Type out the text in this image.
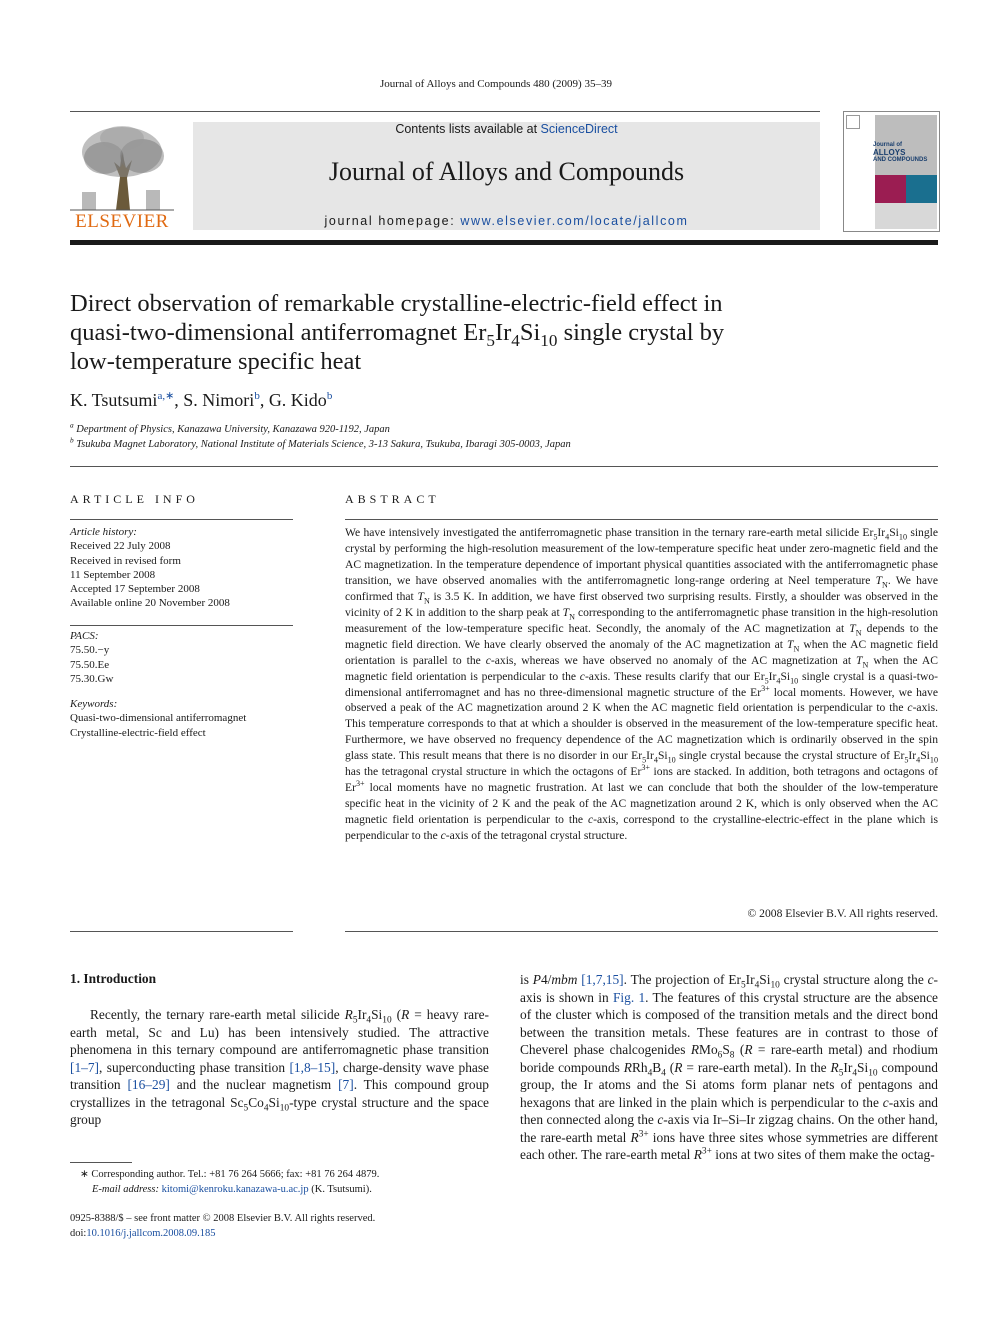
Journal of Alloys and Compounds 480 (2009) 35–39
ELSEVIER
Contents lists available at ScienceDirect
Journal of Alloys and Compounds
journal homepage: www.elsevier.com/locate/jallcom
Journal of
ALLOYS
AND COMPOUNDS
Direct observation of remarkable crystalline-electric-field effect in
quasi-two-dimensional antiferromagnet $Er_5Ir_4Si_{10}$ single crystal by
low-temperature specific heat
K. Tsutsumi$^{a,∗}$, S. Nimori$^b$, G. Kido$^b$
$^a$ Department of Physics, Kanazawa University, Kanazawa 920-1192, Japan
$^b$ Tsukuba Magnet Laboratory, National Institute of Materials Science, 3-13 Sakura, Tsukuba, Ibaragi 305-0003, Japan
ARTICLE INFO	ABSTRACT
Article history:
Received 22 July 2008
Received in revised form
11 September 2008
Accepted 17 September 2008
Available online 20 November 2008
PACS:
75.50.−y
75.50.Ee
75.30.Gw
Keywords:
Quasi-two-dimensional antiferromagnet
Crystalline-electric-field effect
We have intensively investigated the antiferromagnetic phase transition in the ternary rare-earth metal silicide $Er_5Ir_4Si_{10}$ single crystal by performing the high-resolution measurement of the low-temperature specific heat under zero-magnetic field and the AC magnetization. In the temperature dependence of important physical quantities associated with the antiferromagnetic phase transition, we have observed anomalies with the antiferromagnetic long-range ordering at Neel temperature $T_N$. We have confirmed that $T_N$ is 3.5 K. In addition, we have first observed two surprising results. Firstly, a shoulder was observed in the vicinity of 2 K in addition to the sharp peak at $T_N$ corresponding to the antiferromagnetic phase transition in the high-resolution measurement of the low-temperature specific heat. Secondly, the anomaly of the AC magnetization at $T_N$ depends to the magnetic field direction. We have clearly observed the anomaly of the AC magnetization at $T_N$ when the AC magnetic field orientation is parallel to the c-axis, whereas we have observed no anomaly of the AC magnetization at $T_N$ when the AC magnetic field orientation is perpendicular to the c-axis. These results clarify that our $Er_5Ir_4Si_{10}$ single crystal is a quasi-two-dimensional antiferromagnet and has no three-dimensional magnetic structure of the $Er^{3+}$ local moments. However, we have observed a peak of the AC magnetization around 2 K when the AC magnetic field orientation is perpendicular to the c-axis. This temperature corresponds to that at which a shoulder is observed in the measurement of the low-temperature specific heat. Furthermore, we have observed no frequency dependence of the AC magnetization which is ordinarily observed in the spin glass state. This result means that there is no disorder in our $Er_5Ir_4Si_{10}$ single crystal because the crystal structure of $Er_5Ir_4Si_{10}$ has the tetragonal crystal structure in which the octagons of $Er^{3+}$ ions are stacked. In addition, both tetragons and octagons of $Er^{3+}$ local moments have no magnetic frustration. At last we can conclude that both the shoulder of the low-temperature specific heat in the vicinity of 2 K and the peak of the AC magnetization around 2 K, which is only observed when the AC magnetic field orientation is perpendicular to the c-axis, correspond to the crystalline-electric-effect in the plane which is perpendicular to the c-axis of the tetragonal crystal structure.
© 2008 Elsevier B.V. All rights reserved.
1. Introduction
Recently, the ternary rare-earth metal silicide $R_5Ir_4Si_{10}$ (R = heavy rare-earth metal, Sc and Lu) has been intensively studied. The attractive phenomena in this ternary compound are antiferromagnetic phase transition [1–7], superconducting phase transition [1,8–15], charge-density wave phase transition [16–29] and the nuclear magnetism [7]. This compound group crystallizes in the tetragonal $Sc_5Co_4Si_{10}$-type crystal structure and the space group
is P4/mbm [1,7,15]. The projection of $Er_5Ir_4Si_{10}$ crystal structure along the c-axis is shown in Fig. 1. The features of this crystal structure are the absence of the cluster which is composed of the transition metals and the direct bond between the transition metals. These features are in contrast to those of Cheverel phase chalcogenides $RMo_6S_8$ (R = rare-earth metal) and rhodium boride compounds $RRh_4B_4$ (R = rare-earth metal). In the $R_5Ir_4Si_{10}$ compound group, the Ir atoms and the Si atoms form planar nets of pentagons and hexagons that are linked in the plain which is perpendicular to the c-axis and then connected along the c-axis via Ir–Si–Ir zigzag chains. On the other hand, the rare-earth metal $R^{3+}$ ions have three sites whose symmetries are different each other. The rare-earth metal $R^{3+}$ ions at two sites of them make the octag-
∗ Corresponding author. Tel.: +81 76 264 5666; fax: +81 76 264 4879.
E-mail address: kitomi@kenroku.kanazawa-u.ac.jp (K. Tsutsumi).
0925-8388/$ – see front matter © 2008 Elsevier B.V. All rights reserved.
doi:10.1016/j.jallcom.2008.09.185
